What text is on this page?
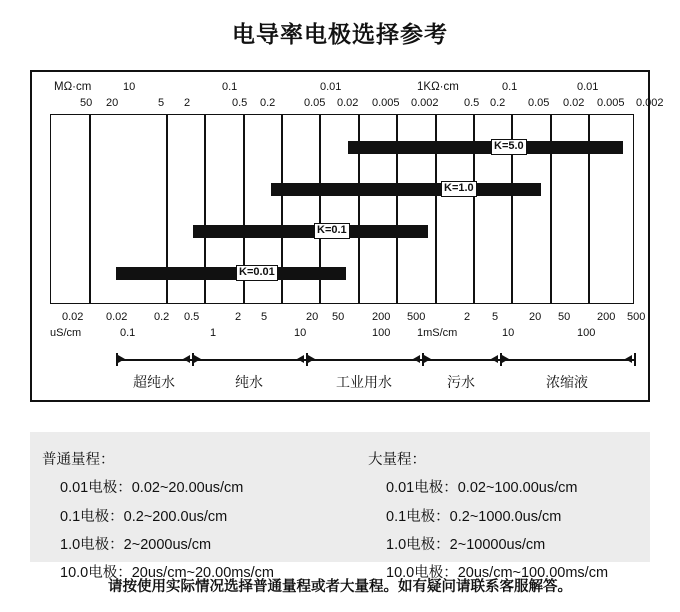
电导率电极选择参考
MΩ·cm	10	0.1	0.01	1KΩ·cm	0.1	0.01
50 20	5 2	0.5 0.2	0.05 0.02 0.005 0.002 0.5 0.2 0.05 0.02 0.005 0.002
K=5.0
K=1.0
K=0.1
K=0.01
0.02 0.02 0.2 0.5	2 5	20 50	200 500	2 5	20 50 200 500
uS/cm	0.1	1	10	100 1mS/cm	10	100
超纯水	纯水	工业用水	污水	浓缩液
普通量程：
0.01电极：0.02~20.00us/cm
0.1电极：0.2~200.0us/cm
1.0电极：2~2000us/cm
10.0电极：20us/cm~20.00ms/cm
大量程：
0.01电极：0.02~100.00us/cm
0.1电极：0.2~1000.0us/cm
1.0电极：2~10000us/cm
10.0电极：20us/cm~100.00ms/cm
请按使用实际情况选择普通量程或者大量程。如有疑问请联系客服解答。
